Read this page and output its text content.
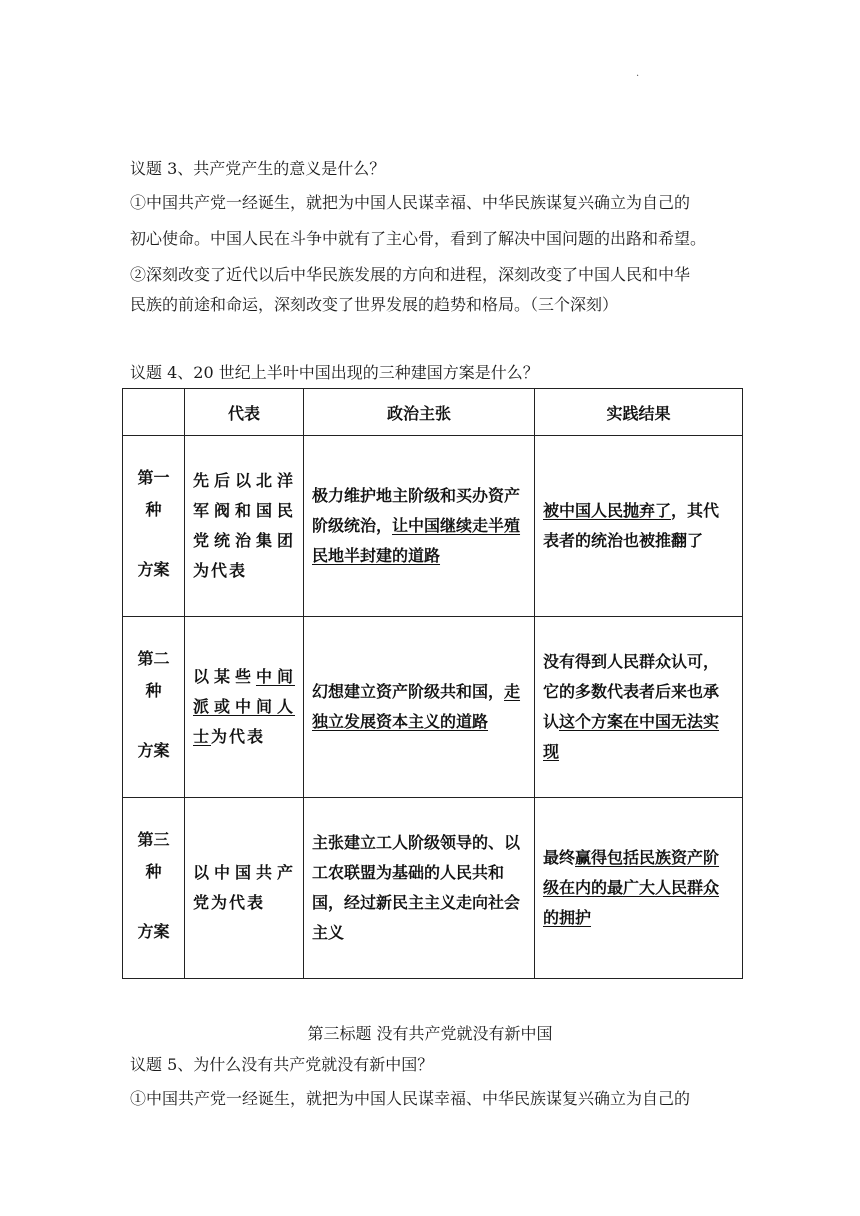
.
议题 3、共产党产生的意义是什么？
①中国共产党一经诞生，就把为中国人民谋幸福、中华民族谋复兴确立为自己的
初心使命。中国人民在斗争中就有了主心骨，看到了解决中国问题的出路和希望。
②深刻改变了近代以后中华民族发展的方向和进程，深刻改变了中国人民和中华
民族的前途和命运，深刻改变了世界发展的趋势和格局。（三个深刻）
议题 4、20 世纪上半叶中国出现的三种建国方案是什么？
	代表	政治主张	实践结果

第一
种
方案	先后以北洋军阀和国民党统治集团为代表	极力维护地主阶级和买办资产阶级统治，让中国继续走半殖民地半封建的道路	被中国人民抛弃了，其代表者的统治也被推翻了

第二
种
方案	以某些中间派或中间人士为代表	幻想建立资产阶级共和国，走独立发展资本主义的道路	没有得到人民群众认可，它的多数代表者后来也承认这个方案在中国无法实现

第三
种
方案	以中国共产党为代表	主张建立工人阶级领导的、以工农联盟为基础的人民共和国，经过新民主主义走向社会主义	最终赢得包括民族资产阶级在内的最广大人民群众的拥护
第三标题 没有共产党就没有新中国
议题 5、为什么没有共产党就没有新中国？
①中国共产党一经诞生，就把为中国人民谋幸福、中华民族谋复兴确立为自己的
